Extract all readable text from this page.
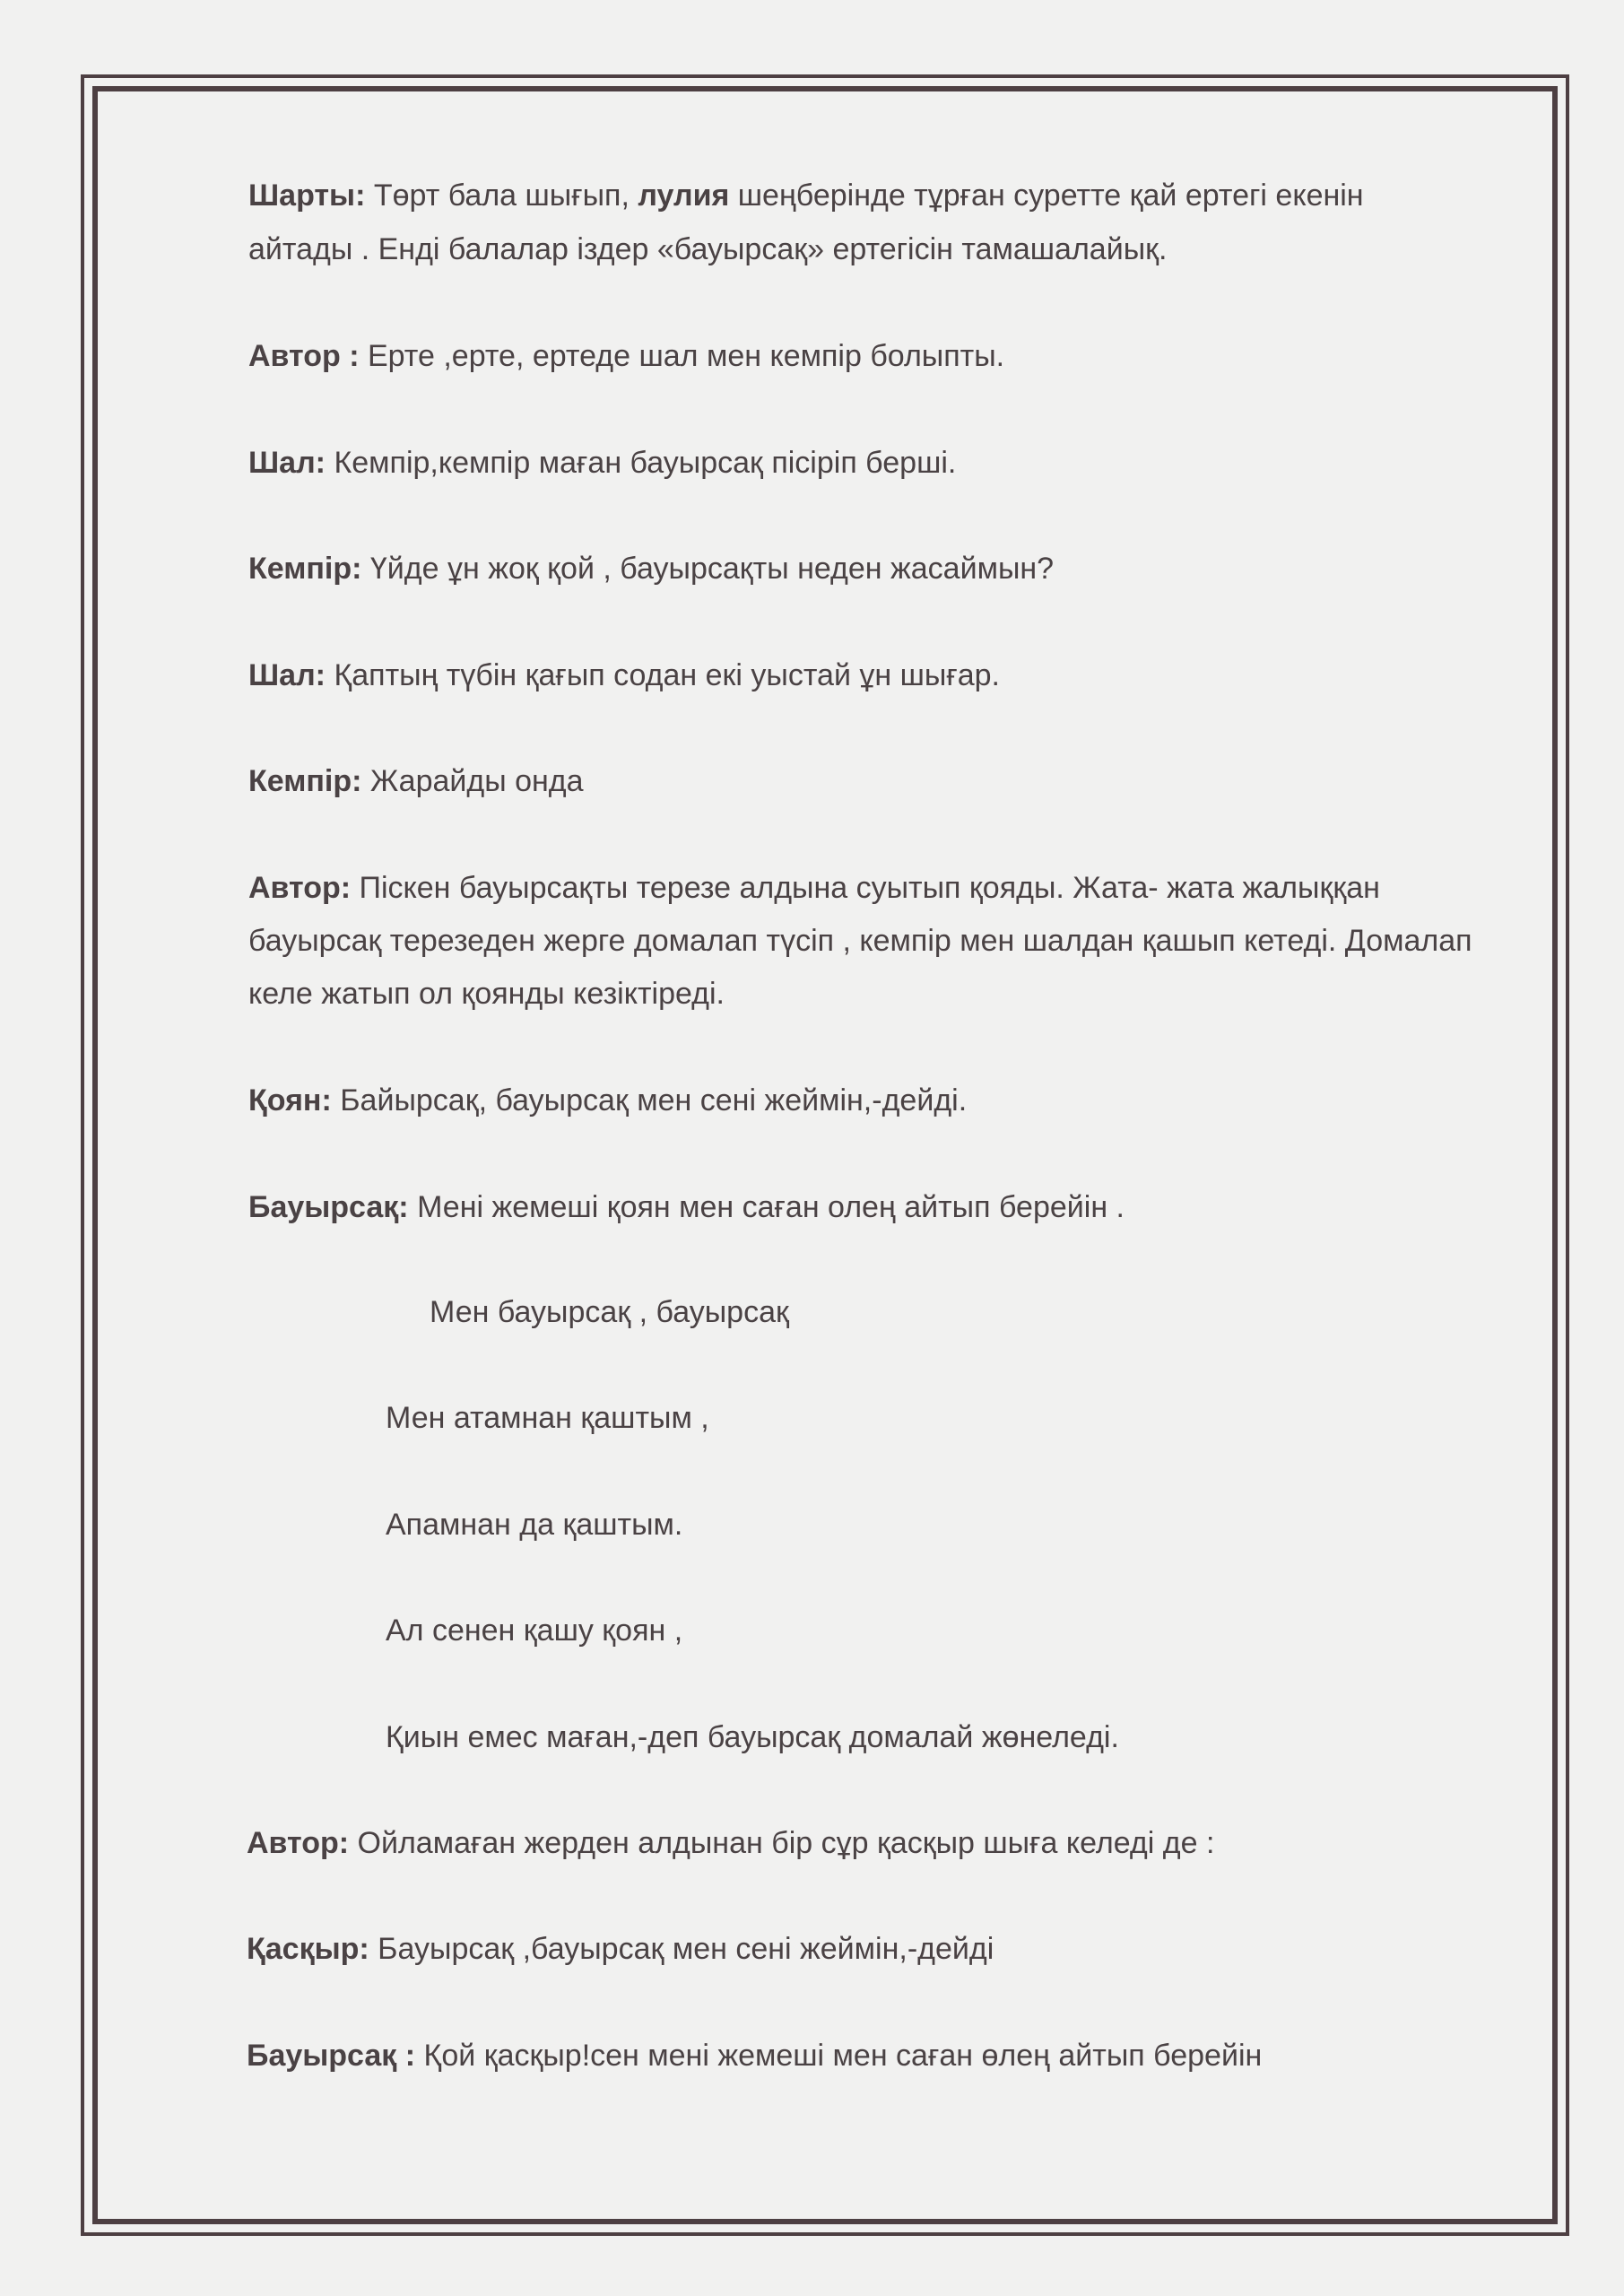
Шарты: Төрт бала шығып, лулия шеңберінде тұрған суретте қай ертегі екенін

айтады . Енді балалар іздер «бауырсақ» ертегісін тамашалайық.

Автор : Ерте ,ерте, ертеде шал мен кемпір болыпты.

Шал: Кемпір,кемпір маған бауырсақ пісіріп берші.

Кемпір: Үйде ұн жоқ қой , бауырсақты неден жасаймын?

Шал: Қаптың түбін қағып содан екі уыстай ұн шығар.

Кемпір: Жарайды онда

Автор: Піскен бауырсақты терезе алдына суытып қояды. Жата- жата жалыққан

бауырсақ терезеден жерге домалап түсіп , кемпір мен шалдан қашып кетеді. Домалап

келе жатып ол қоянды кезіктіреді.

Қоян: Байырсақ, бауырсақ мен сені жеймін,-дейді.

Бауырсақ: Мені жемеші қоян мен саған олең айтып берейін .

Мен бауырсақ , бауырсақ

Мен атамнан қаштым ,

Апамнан да қаштым.

Ал сенен қашу қоян ,

Қиын емес маған,-деп бауырсақ домалай жөнеледі.

Автор: Ойламаған жерден алдынан бір сұр қасқыр шыға келеді де :

Қасқыр: Бауырсақ ,бауырсақ мен сені жеймін,-дейді

Бауырсақ : Қой қасқыр!сен мені жемеші мен саған өлең айтып берейін
